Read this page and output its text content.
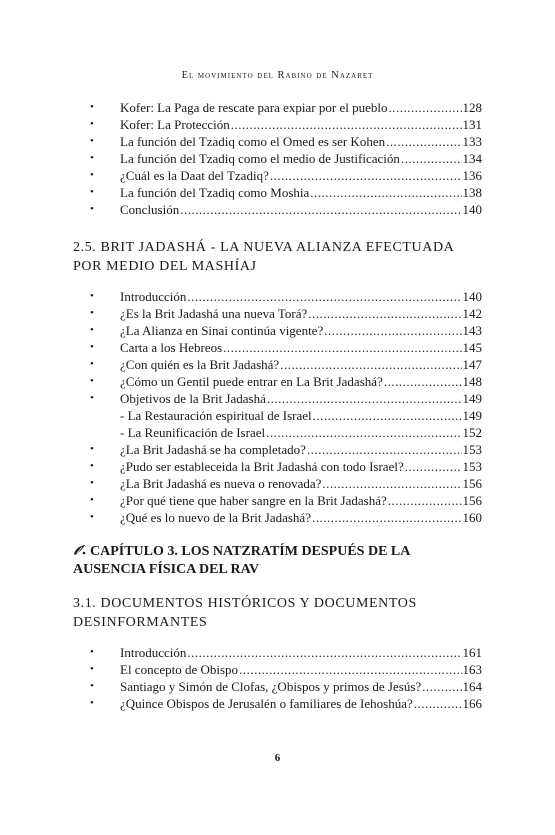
El movimiento del Rabino de Nazaret
• Kofer: La Paga de rescate para expiar por el pueblo .....	128
• Kofer: La Protección .....	131
• La función del Tzadiq como el Omed es ser Kohen .....	133
• La función del Tzadiq como el medio de Justificación .....	134
• ¿Cuál es la Daat del Tzadiq? .....	136
• La función del Tzadiq como Moshia .....	138
• Conclusión .....	140
2.5. BRIT JADASHÁ - LA NUEVA ALIANZA EFECTUADA POR MEDIO DEL MASHÍAJ
• Introducción .....	140
• ¿Es la Brit Jadashá una nueva Torá? .....	142
• ¿La Alianza en Sinai continúa vigente? .....	143
• Carta a los Hebreos .....	145
• ¿Con quién es la Brit Jadashá? .....	147
• ¿Cómo un Gentil puede entrar en La Brit Jadashá? .....	148
• Objetivos de la Brit Jadashá .....	149
- La Restauración espiritual de Israel .....	149
- La Reunificación de Israel .....	152
• ¿La Brit Jadashá se ha completado? .....	153
• ¿Pudo ser estableceida la Brit Jadashá con todo Israel? .....	153
• ¿La Brit Jadashá es nueva o renovada? .....	156
• ¿Por qué tiene que haber sangre en la Brit Jadashá? .....	156
• ¿Qué es lo nuevo de la Brit Jadashá? .....	160
CAPÍTULO 3. LOS NATZRATÍM DESPUÉS DE LA AUSENCIA FÍSICA DEL RAV
3.1. DOCUMENTOS HISTÓRICOS Y DOCUMENTOS DESINFORMANTES
• Introducción .....	161
• El concepto de Obispo .....	163
• Santiago y Simón de Clofas, ¿Obispos y primos de Jesús? .....	164
• ¿Quince Obispos de Jerusalén o familiares de Iehoshúa? .....	166
6
